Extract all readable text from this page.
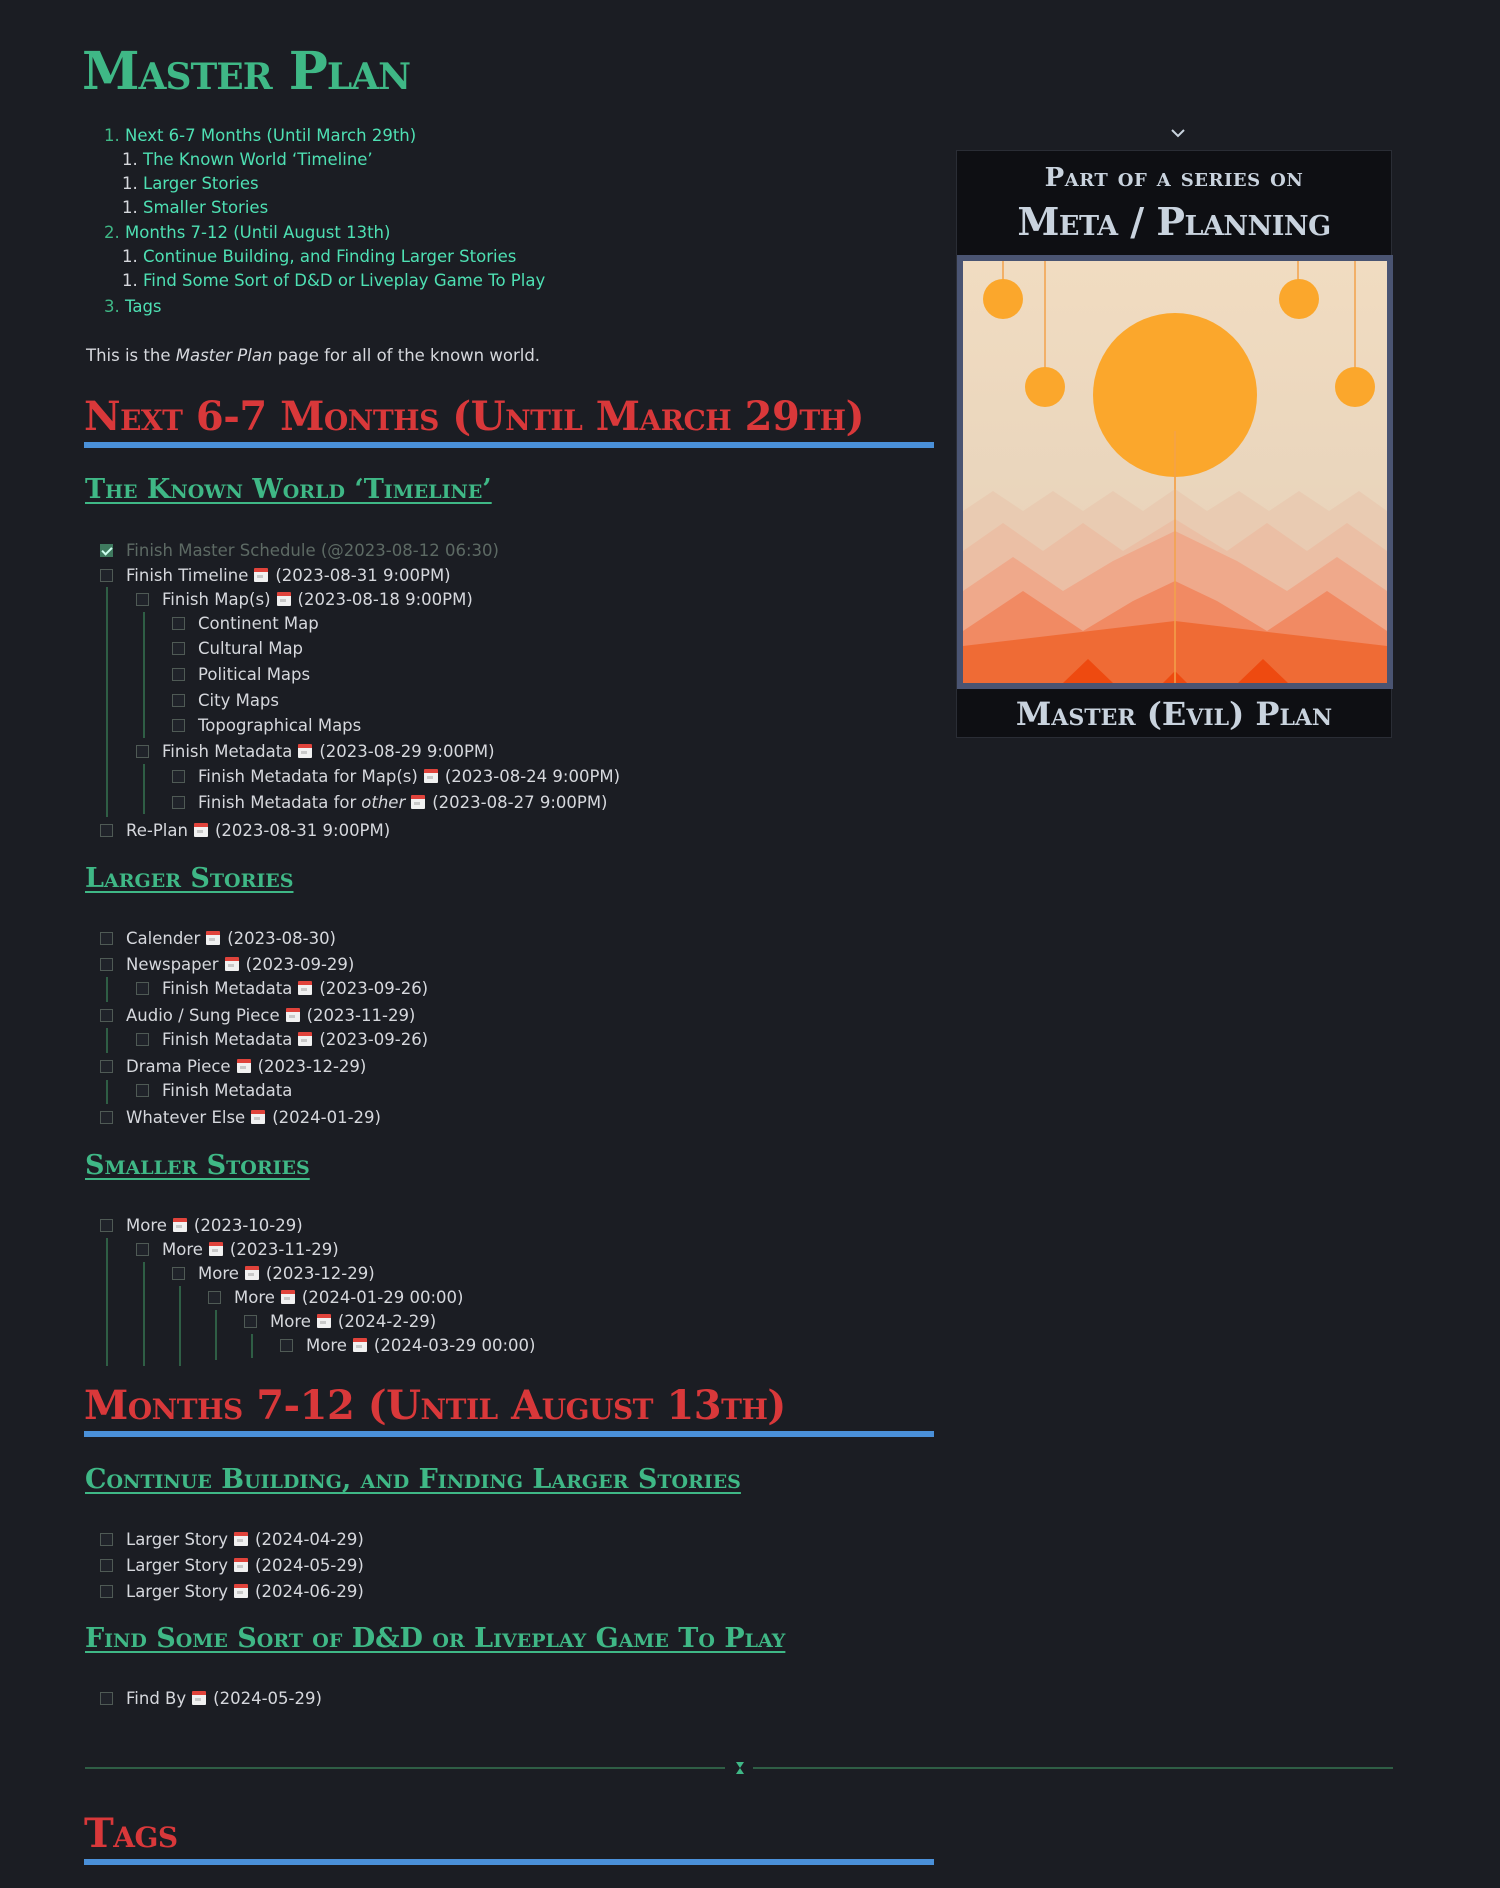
Master Plan
1. Next 6-7 Months (Until March 29th)
1. The Known World ‘Timeline’
1. Larger Stories
1. Smaller Stories
2. Months 7-12 (Until August 13th)
1. Continue Building, and Finding Larger Stories
1. Find Some Sort of D&D or Liveplay Game To Play
3. Tags
This is the Master Plan page for all of the known world.
Next 6-7 Months (Until March 29th)
The Known World ‘Timeline’
Finish Master Schedule (@2023-08-12 06:30)
Finish Timeline (2023-08-31 9:00PM)
Finish Map(s) (2023-08-18 9:00PM)
Continent Map
Cultural Map
Political Maps
City Maps
Topographical Maps
Finish Metadata (2023-08-29 9:00PM)
Finish Metadata for Map(s) (2023-08-24 9:00PM)
Finish Metadata for other (2023-08-27 9:00PM)
Re-Plan (2023-08-31 9:00PM)
Larger Stories
Calender (2023-08-30)
Newspaper (2023-09-29)
Finish Metadata (2023-09-26)
Audio / Sung Piece (2023-11-29)
Finish Metadata (2023-09-26)
Drama Piece (2023-12-29)
Finish Metadata
Whatever Else (2024-01-29)
Smaller Stories
More (2023-10-29)
More (2023-11-29)
More (2023-12-29)
More (2024-01-29 00:00)
More (2024-2-29)
More (2024-03-29 00:00)
Months 7-12 (Until August 13th)
Continue Building, and Finding Larger Stories
Larger Story (2024-04-29)
Larger Story (2024-05-29)
Larger Story (2024-06-29)
Find Some Sort of D&D or Liveplay Game To Play
Find By (2024-05-29)
Tags
Part of a series on
Meta / Planning
Master (Evil) Plan
